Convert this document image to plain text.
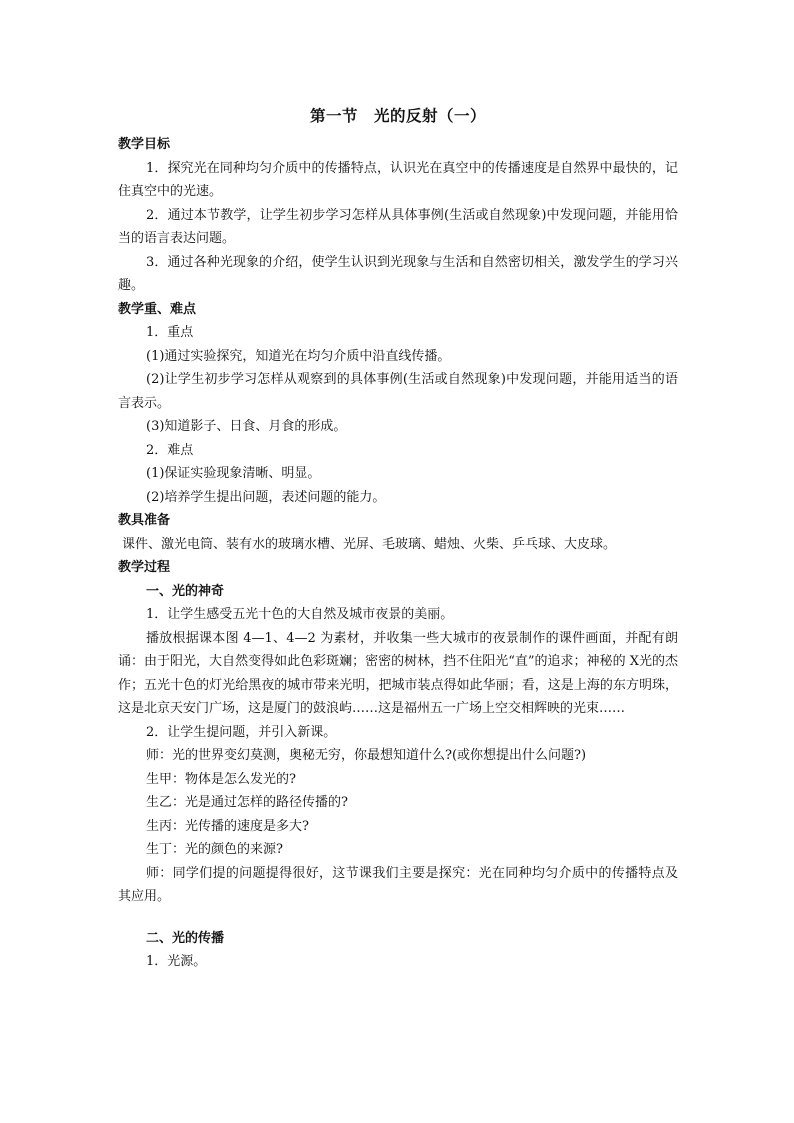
第一节　光的反射（一）
教学目标

1．探究光在同种均匀介质中的传播特点，认识光在真空中的传播速度是自然界中最快的，记住真空中的光速。

2．通过本节教学，让学生初步学习怎样从具体事例(生活或自然现象)中发现问题，并能用恰当的语言表达问题。

3．通过各种光现象的介绍，使学生认识到光现象与生活和自然密切相关，激发学生的学习兴趣。

教学重、难点

1．重点

(1)通过实验探究，知道光在均匀介质中沿直线传播。

(2)让学生初步学习怎样从观察到的具体事例(生活或自然现象)中发现问题，并能用适当的语言表示。

(3)知道影子、日食、月食的形成。

2．难点

(1)保证实验现象清晰、明显。

(2)培养学生提出问题，表述问题的能力。

教具准备

课件、激光电筒、装有水的玻璃水槽、光屏、毛玻璃、蜡烛、火柴、乒乓球、大皮球。

教学过程
一、光的神奇

1．让学生感受五光十色的大自然及城市夜景的美丽。

播放根据课本图 4—1、4—2 为素材，并收集一些大城市的夜景制作的课件画面，并配有朗诵：由于阳光，大自然变得如此色彩斑斓；密密的树林，挡不住阳光“直”的追求；神秘的 X光的杰作；五光十色的灯光给黑夜的城市带来光明，把城市装点得如此华丽；看，这是上海的东方明珠，这是北京天安门广场，这是厦门的鼓浪屿……这是福州五一广场上空交相辉映的光束……

2．让学生提问题，并引入新课。

师：光的世界变幻莫测，奥秘无穷，你最想知道什么?(或你想提出什么问题?)

生甲：物体是怎么发光的?

生乙：光是通过怎样的路径传播的?

生丙：光传播的速度是多大?

生丁：光的颜色的来源?

师：同学们提的问题提得很好，这节课我们主要是探究：光在同种均匀介质中的传播特点及其应用。

二、光的传播

1．光源。
